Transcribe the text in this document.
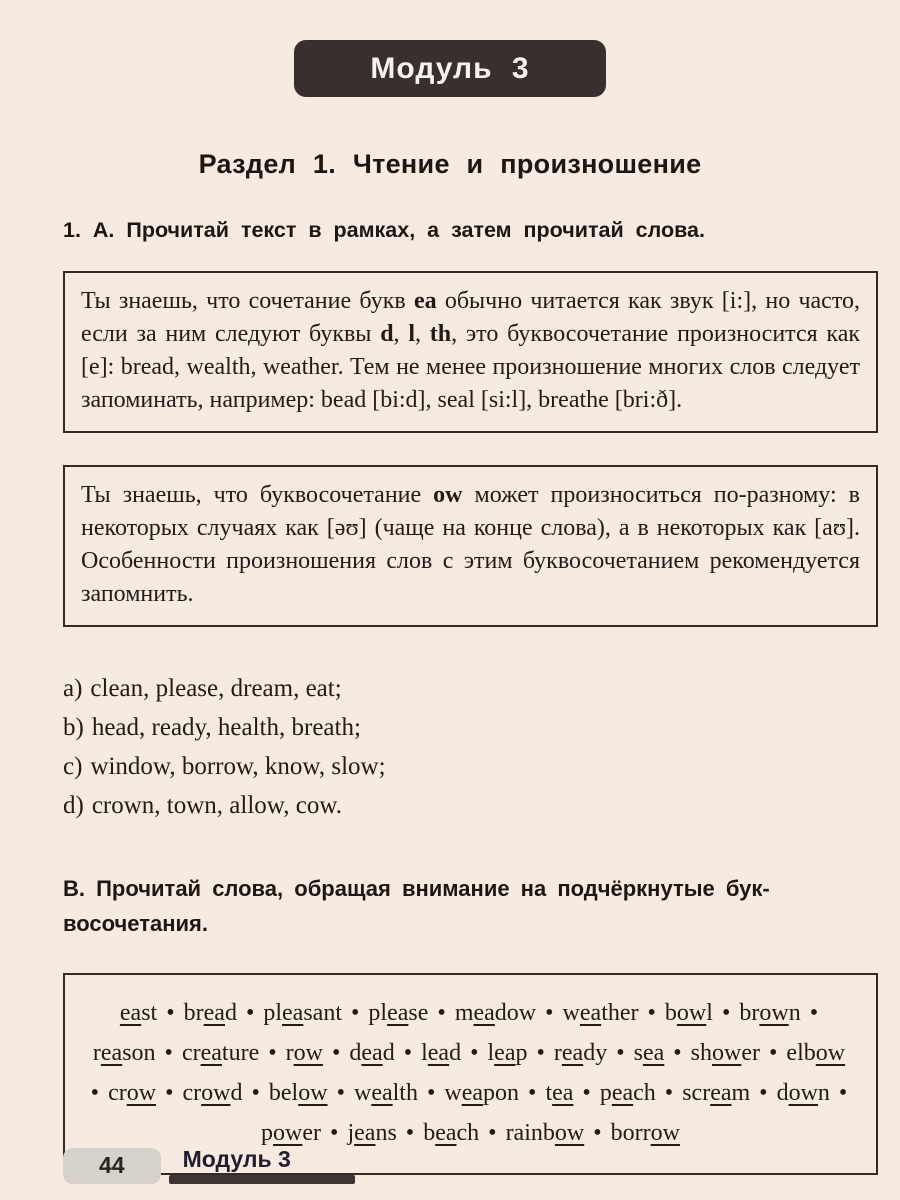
Модуль 3
Раздел 1. Чтение и произношение
1. А. Прочитай текст в рамках, а затем прочитай слова.
Ты знаешь, что сочетание букв ea обычно читается как звук [i:], но часто, если за ним следуют буквы d, l, th, это буквосочетание произносится как [e]: bread, wealth, weather. Тем не менее произношение многих слов следует запоминать, например: bead [bi:d], seal [si:l], breathe [bri:ð].
Ты знаешь, что буквосочетание ow может произноситься по-разному: в некоторых случаях как [əʊ] (чаще на конце слова), а в некоторых как [aʊ]. Особенности произношения слов с этим буквосочетанием рекомендуется запомнить.
a) clean, please, dream, eat;
b) head, ready, health, breath;
c) window, borrow, know, slow;
d) crown, town, allow, cow.
В. Прочитай слова, обращая внимание на подчёркнутые бук-
восочетания.
east • bread • pleasant • please • meadow • weather • bowl • brown • reason • creature • row • dead • lead • leap • ready • sea • shower • elbow • crow • crowd • below • wealth • weapon • tea • peach • scream • down • power • jeans • beach • rainbow • borrow
44	Модуль 3
